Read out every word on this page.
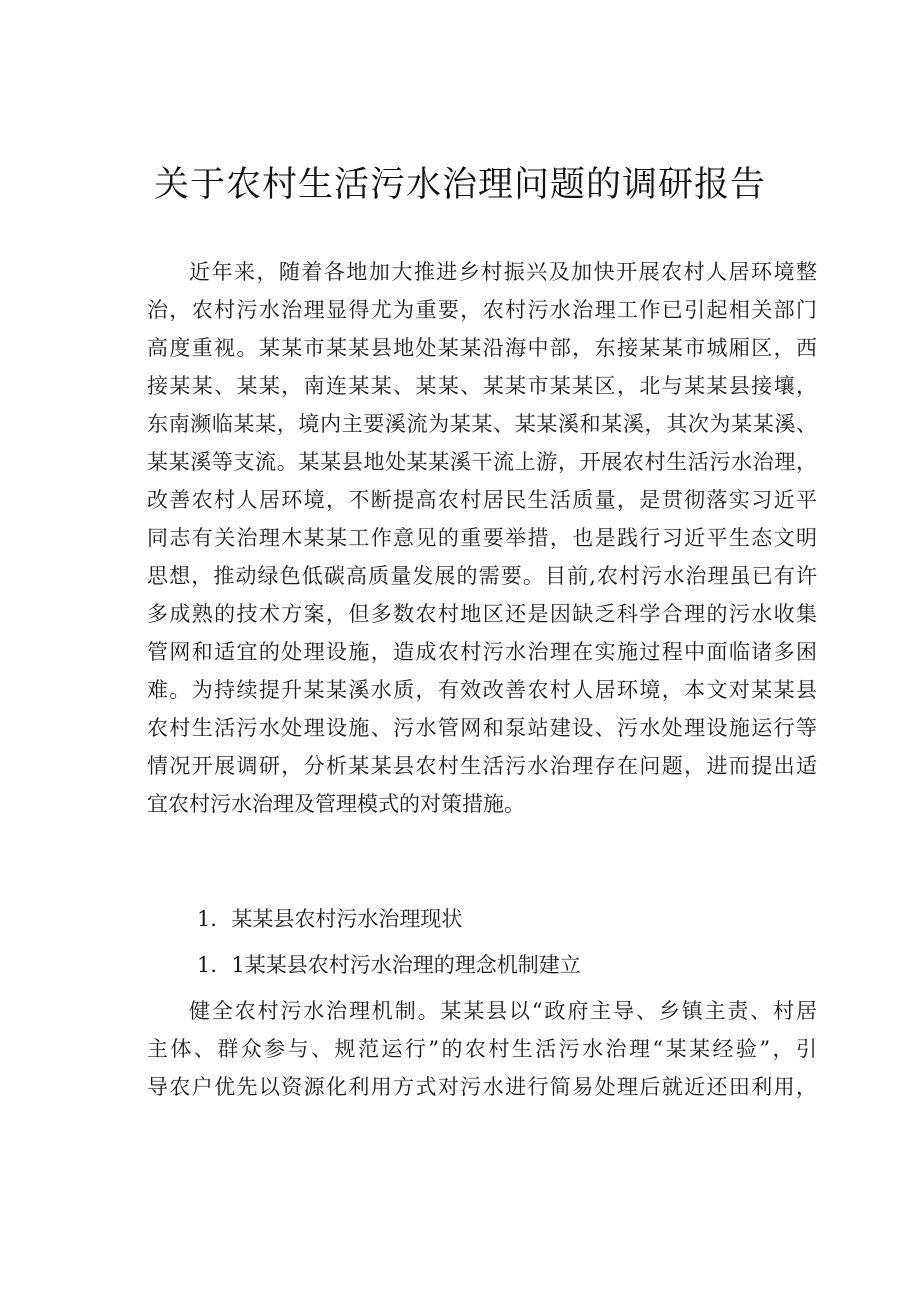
关于农村生活污水治理问题的调研报告
近年来，随着各地加大推进乡村振兴及加快开展农村人居环境整
治，农村污水治理显得尤为重要，农村污水治理工作已引起相关部门
高度重视。某某市某某县地处某某沿海中部，东接某某市城厢区，西
接某某、某某，南连某某、某某、某某市某某区，北与某某县接壤，
东南濒临某某，境内主要溪流为某某、某某溪和某溪，其次为某某溪、
某某溪等支流。某某县地处某某溪干流上游，开展农村生活污水治理，
改善农村人居环境，不断提高农村居民生活质量，是贯彻落实习近平
同志有关治理木某某工作意见的重要举措，也是践行习近平生态文明
思想，推动绿色低碳高质量发展的需要。目前,农村污水治理虽已有许
多成熟的技术方案，但多数农村地区还是因缺乏科学合理的污水收集
管网和适宜的处理设施，造成农村污水治理在实施过程中面临诸多困
难。为持续提升某某溪水质，有效改善农村人居环境，本文对某某县
农村生活污水处理设施、污水管网和泵站建设、污水处理设施运行等
情况开展调研，分析某某县农村生活污水治理存在问题，进而提出适
宜农村污水治理及管理模式的对策措施。
1．某某县农村污水治理现状
1．1某某县农村污水治理的理念机制建立
健全农村污水治理机制。某某县以“政府主导、乡镇主责、村居
主体、群众参与、规范运行”的农村生活污水治理“某某经验”，引
导农户优先以资源化利用方式对污水进行简易处理后就近还田利用，
